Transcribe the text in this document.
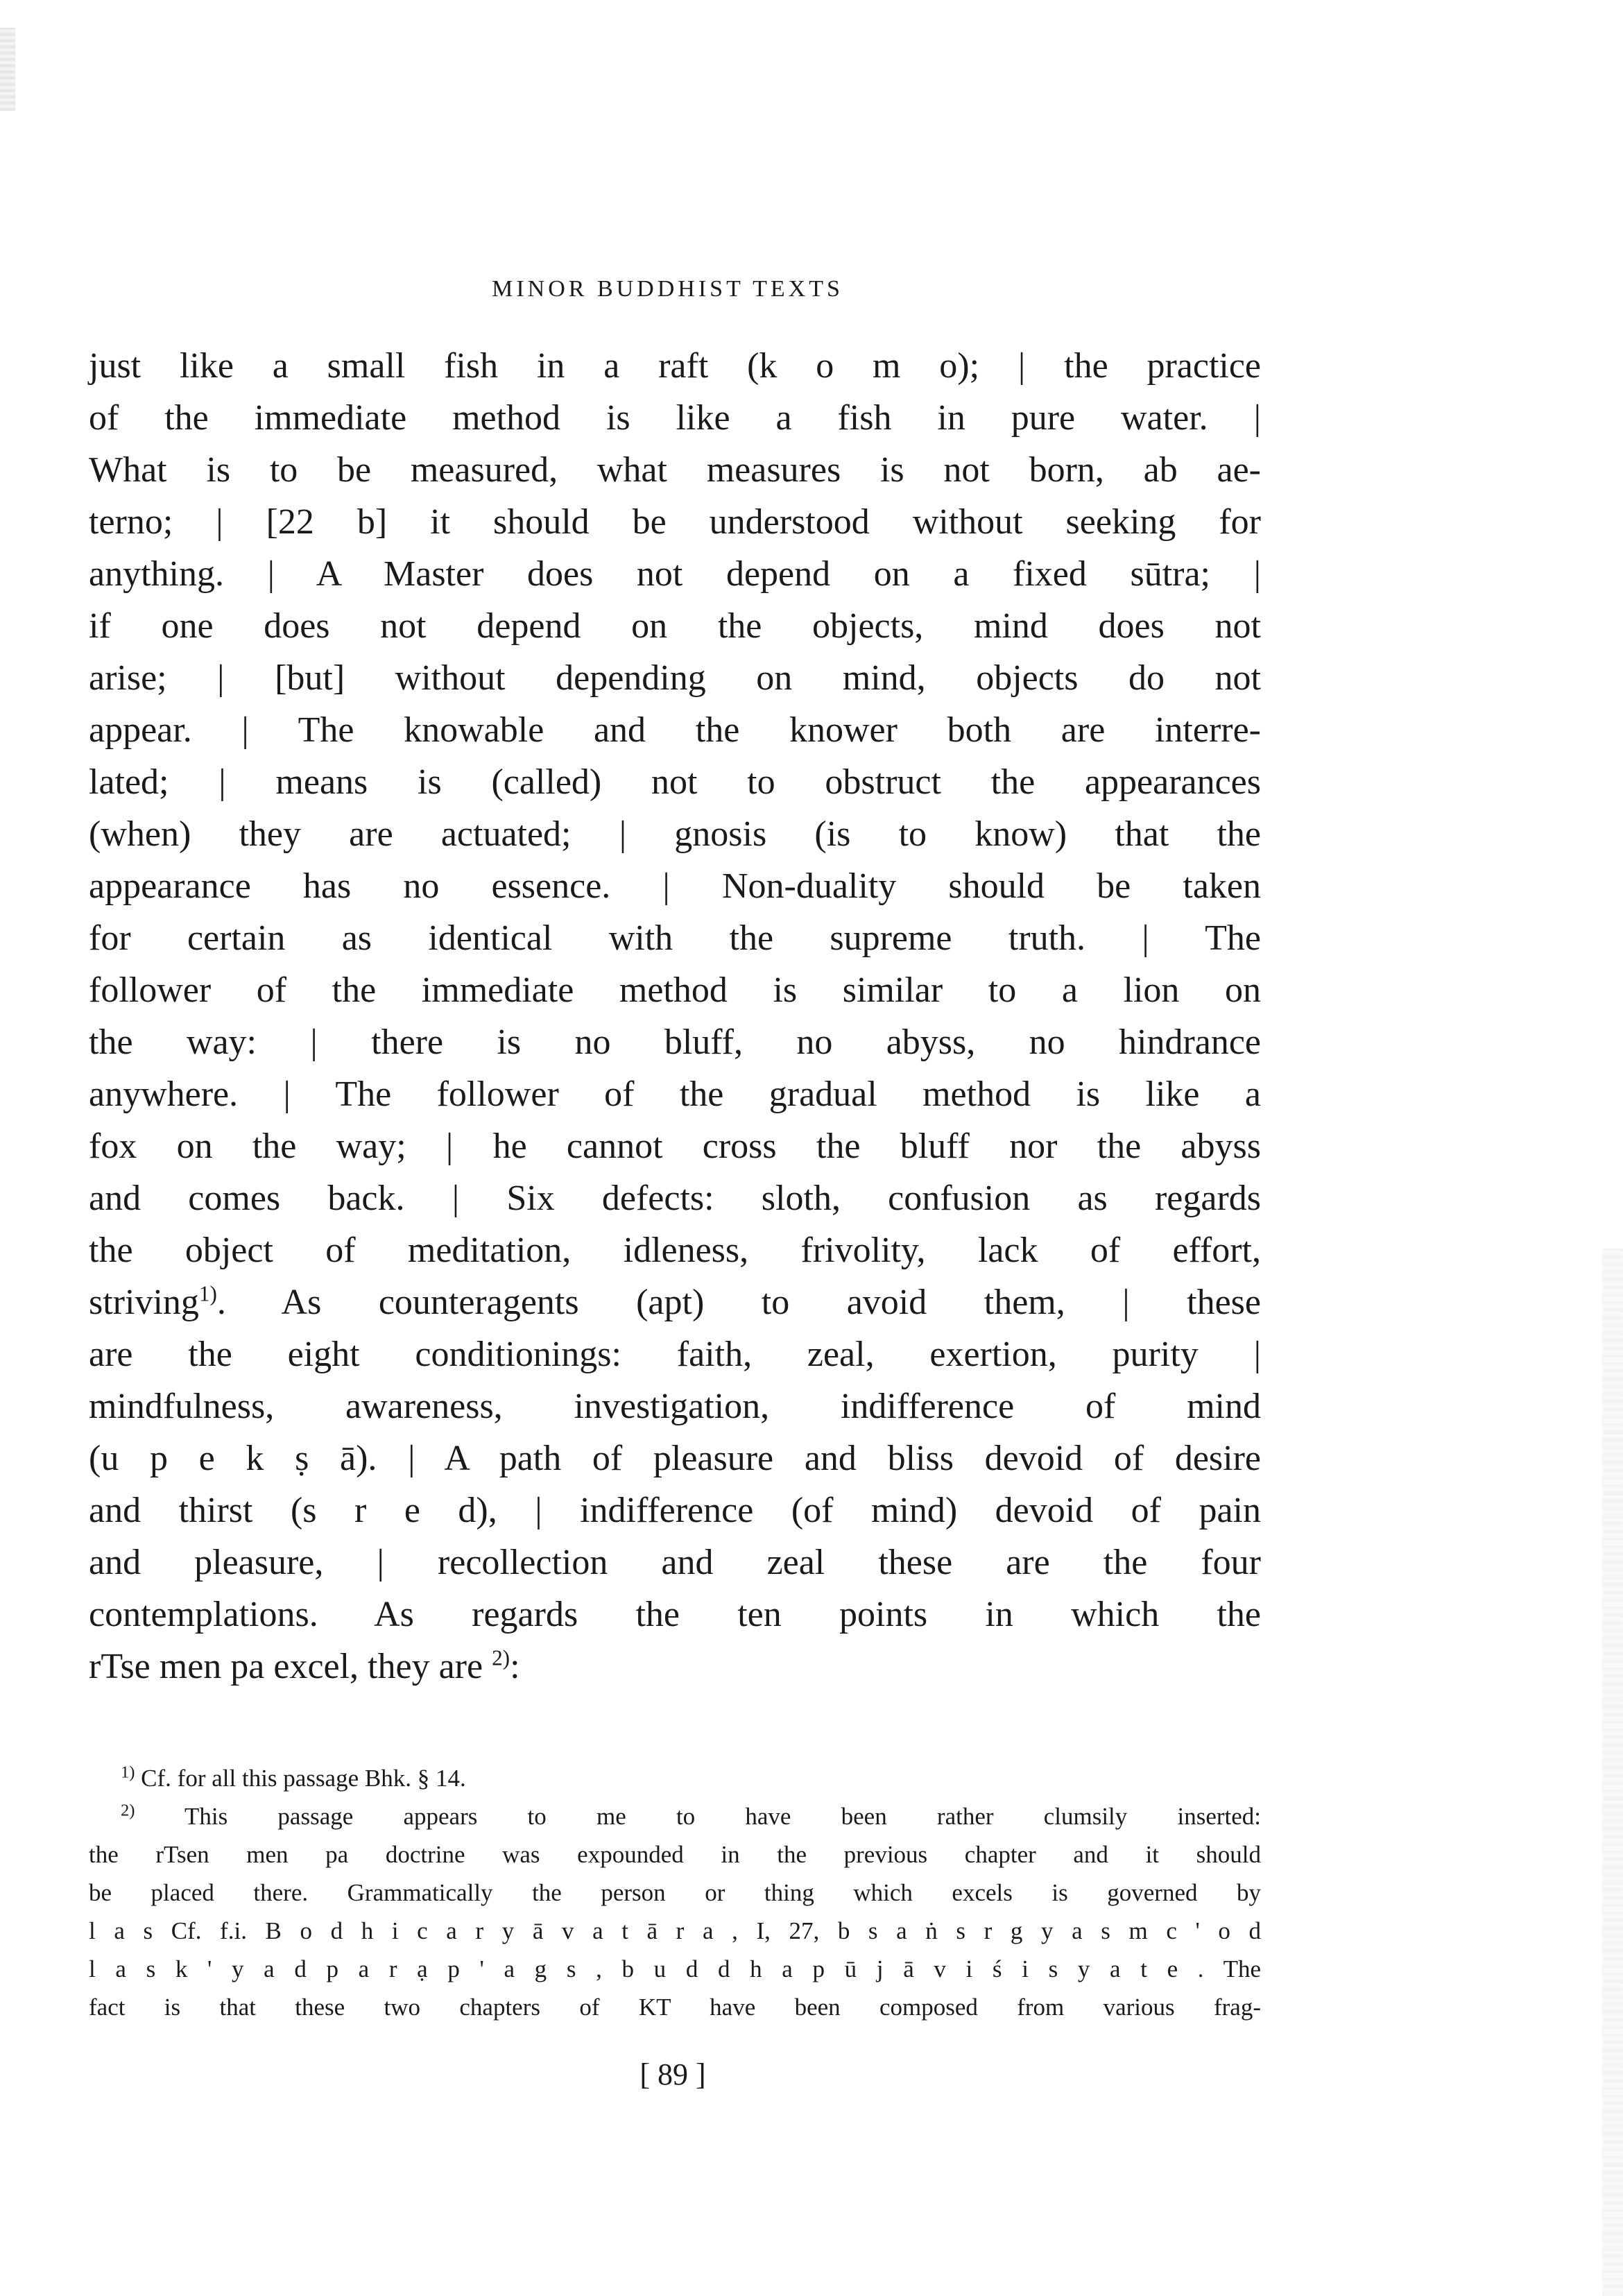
MINOR BUDDHIST TEXTS
just like a small fish in a raft (k o m o); | the practice
of the immediate method is like a fish in pure water. |
What is to be measured, what measures is not born, ab ae-
terno; | [22 b] it should be understood without seeking for
anything. | A Master does not depend on a fixed sūtra; |
if one does not depend on the objects, mind does not
arise; | [but] without depending on mind, objects do not
appear. | The knowable and the knower both are interre-
lated; | means is (called) not to obstruct the appearances
(when) they are actuated; | gnosis (is to know) that the
appearance has no essence. | Non-duality should be taken
for certain as identical with the supreme truth. | The
follower of the immediate method is similar to a lion on
the way: | there is no bluff, no abyss, no hindrance
anywhere. | The follower of the gradual method is like a
fox on the way; | he cannot cross the bluff nor the abyss
and comes back. | Six defects: sloth, confusion as regards
the object of meditation, idleness, frivolity, lack of effort,
striving$^{1)}$. As counteragents (apt) to avoid them, | these
are the eight conditionings: faith, zeal, exertion, purity |
mindfulness, awareness, investigation, indifference of mind
(u p e k ṣ ā). | A path of pleasure and bliss devoid of desire
and thirst (s r e d), | indifference (of mind) devoid of pain
and pleasure, | recollection and zeal these are the four
contemplations. As regards the ten points in which the
rTse men pa excel, they are $^{2)}$:
$^{1)}$ Cf. for all this passage Bhk. § 14.
$^{2)}$ This passage appears to me to have been rather clumsily inserted:
the rTsen men pa doctrine was expounded in the previous chapter and it should
be placed there. Grammatically the person or thing which excels is governed by
l a s Cf. f.i. B o d h i c a r y ā v a t ā r a , I, 27, b s a ṅ s r g y a s m c ' o d
l a s k ' y a d p a r ạ p ' a g s , b u d d h a p ū j ā v i ś i s y a t e . The
fact is that these two chapters of KT have been composed from various frag-
[ 89 ]
